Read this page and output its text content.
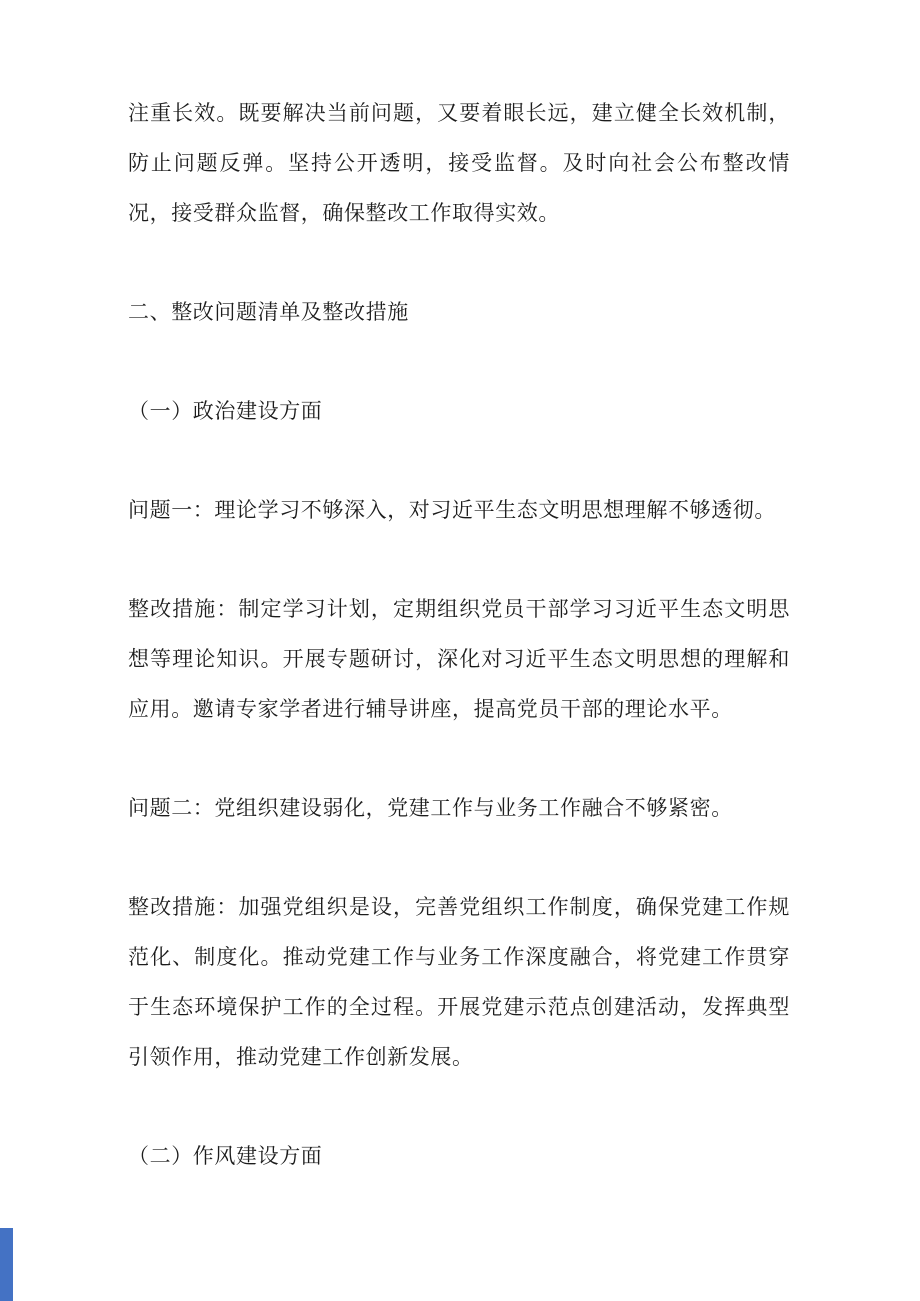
注重长效。既要解决当前问题，又要着眼长远，建立健全长效机制，防止问题反弹。坚持公开透明，接受监督。及时向社会公布整改情况，接受群众监督，确保整改工作取得实效。

二、整改问题清单及整改措施

（一）政治建设方面

问题一：理论学习不够深入，对习近平生态文明思想理解不够透彻。

整改措施：制定学习计划，定期组织党员干部学习习近平生态文明思想等理论知识。开展专题研讨，深化对习近平生态文明思想的理解和应用。邀请专家学者进行辅导讲座，提高党员干部的理论水平。

问题二：党组织建设弱化，党建工作与业务工作融合不够紧密。

整改措施：加强党组织是设，完善党组织工作制度，确保党建工作规范化、制度化。推动党建工作与业务工作深度融合，将党建工作贯穿于生态环境保护工作的全过程。开展党建示范点创建活动，发挥典型引领作用，推动党建工作创新发展。

（二）作风建设方面
